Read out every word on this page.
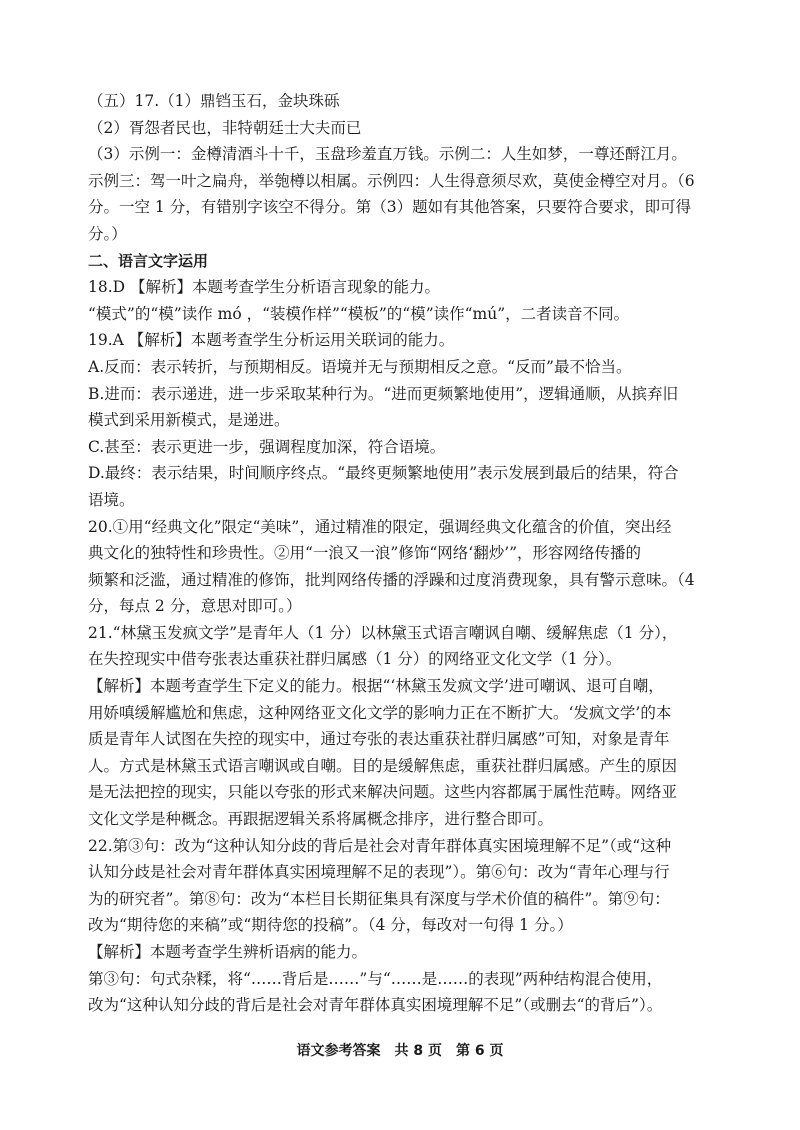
（五）17.（1）鼎铛玉石，金块珠砾
（2）胥怨者民也，非特朝廷士大夫而已
（3）示例一：金樽清酒斗十千，玉盘珍羞直万钱。示例二：人生如梦，一尊还酹江月。
示例三：驾一叶之扁舟，举匏樽以相属。示例四：人生得意须尽欢，莫使金樽空对月。（6
分。一空 1 分，有错别字该空不得分。第（3）题如有其他答案，只要符合要求，即可得
分。）
二、语言文字运用
18.D 【解析】本题考查学生分析语言现象的能力。
“模式”的“模”读作 mó ，“装模作样”“模板”的“模”读作“mú”，二者读音不同。
19.A 【解析】本题考查学生分析运用关联词的能力。
A.反而：表示转折，与预期相反。语境并无与预期相反之意。“反而”最不恰当。
B.进而：表示递进，进一步采取某种行为。“进而更频繁地使用”，逻辑通顺，从摈弃旧
模式到采用新模式，是递进。
C.甚至：表示更进一步，强调程度加深，符合语境。
D.最终：表示结果，时间顺序终点。“最终更频繁地使用”表示发展到最后的结果，符合
语境。
20.①用“经典文化”限定“美味”，通过精准的限定，强调经典文化蕴含的价值，突出经
典文化的独特性和珍贵性。②用“一浪又一浪”修饰“网络‘翻炒’”，形容网络传播的
频繁和泛滥，通过精准的修饰，批判网络传播的浮躁和过度消费现象，具有警示意味。（4
分，每点 2 分，意思对即可。）
21.“林黛玉发疯文学”是青年人（1 分）以林黛玉式语言嘲讽自嘲、缓解焦虑（1 分），
在失控现实中借夸张表达重获社群归属感（1 分）的网络亚文化文学（1 分）。
【解析】本题考查学生下定义的能力。根据“‘林黛玉发疯文学’进可嘲讽、退可自嘲，
用娇嗔缓解尴尬和焦虑，这种网络亚文化文学的影响力正在不断扩大。‘发疯文学’的本
质是青年人试图在失控的现实中，通过夸张的表达重获社群归属感”可知，对象是青年
人。方式是林黛玉式语言嘲讽或自嘲。目的是缓解焦虑，重获社群归属感。产生的原因
是无法把控的现实，只能以夸张的形式来解决问题。这些内容都属于属性范畴。网络亚
文化文学是种概念。再跟据逻辑关系将属概念排序，进行整合即可。
22.第③句：改为“这种认知分歧的背后是社会对青年群体真实困境理解不足”（或“这种
认知分歧是社会对青年群体真实困境理解不足的表现”）。第⑥句：改为“青年心理与行
为的研究者”。第⑧句：改为“本栏目长期征集具有深度与学术价值的稿件”。第⑨句：
改为“期待您的来稿”或“期待您的投稿”。（4 分，每改对一句得 1 分。）
【解析】本题考查学生辨析语病的能力。
第③句：句式杂糅，将“……背后是……”与“……是……的表现”两种结构混合使用，
改为“这种认知分歧的背后是社会对青年群体真实困境理解不足”（或删去“的背后”）。
语文参考答案　共 8 页　第 6 页
